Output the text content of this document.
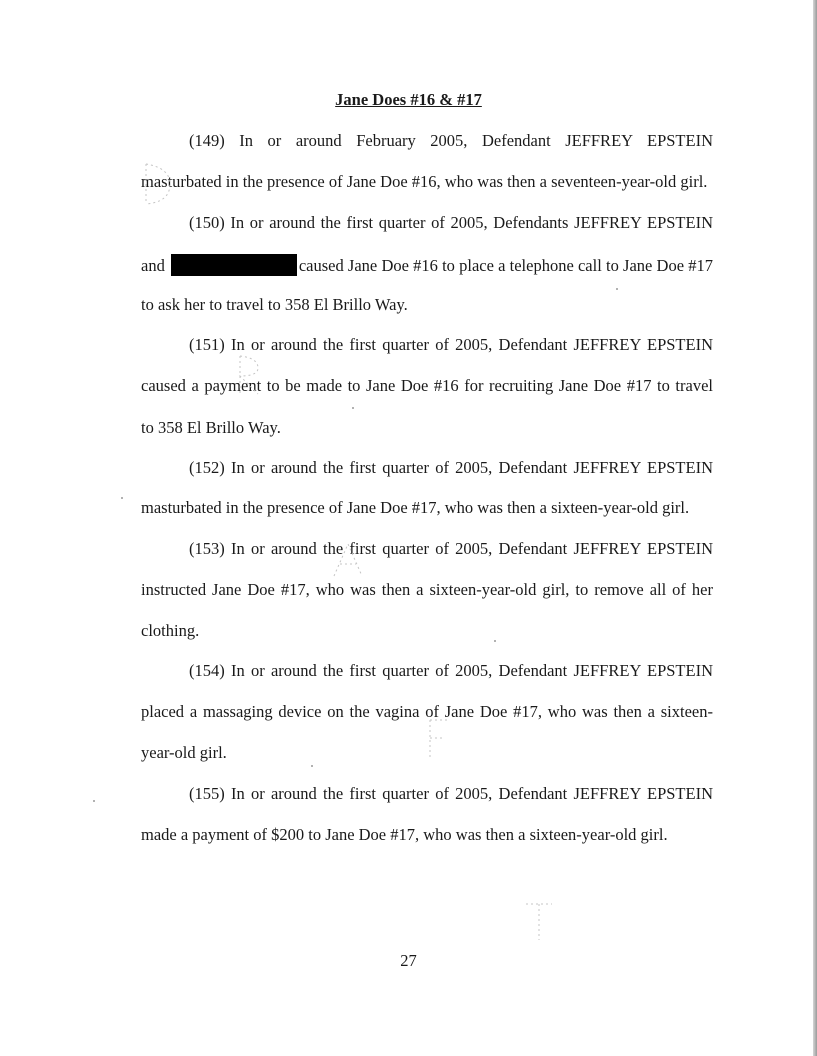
Jane Does #16 & #17
(149) In or around February 2005, Defendant JEFFREY EPSTEIN
masturbated in the presence of Jane Doe #16, who was then a seventeen-year-old girl.
(150) In or around the first quarter of 2005, Defendants JEFFREY EPSTEIN
and	caused Jane Doe #16 to place a telephone call to Jane Doe #17
to ask her to travel to 358 El Brillo Way.
(151) In or around the first quarter of 2005, Defendant JEFFREY EPSTEIN
caused a payment to be made to Jane Doe #16 for recruiting Jane Doe #17 to travel
to 358 El Brillo Way.
(152) In or around the first quarter of 2005, Defendant JEFFREY EPSTEIN
masturbated in the presence of Jane Doe #17, who was then a sixteen-year-old girl.
(153) In or around the first quarter of 2005, Defendant JEFFREY EPSTEIN
instructed Jane Doe #17, who was then a sixteen-year-old girl, to remove all of her
clothing.
(154) In or around the first quarter of 2005, Defendant JEFFREY EPSTEIN
placed a massaging device on the vagina of Jane Doe #17, who was then a sixteen-
year-old girl.
(155) In or around the first quarter of 2005, Defendant JEFFREY EPSTEIN
made a payment of $200 to Jane Doe #17, who was then a sixteen-year-old girl.
27
